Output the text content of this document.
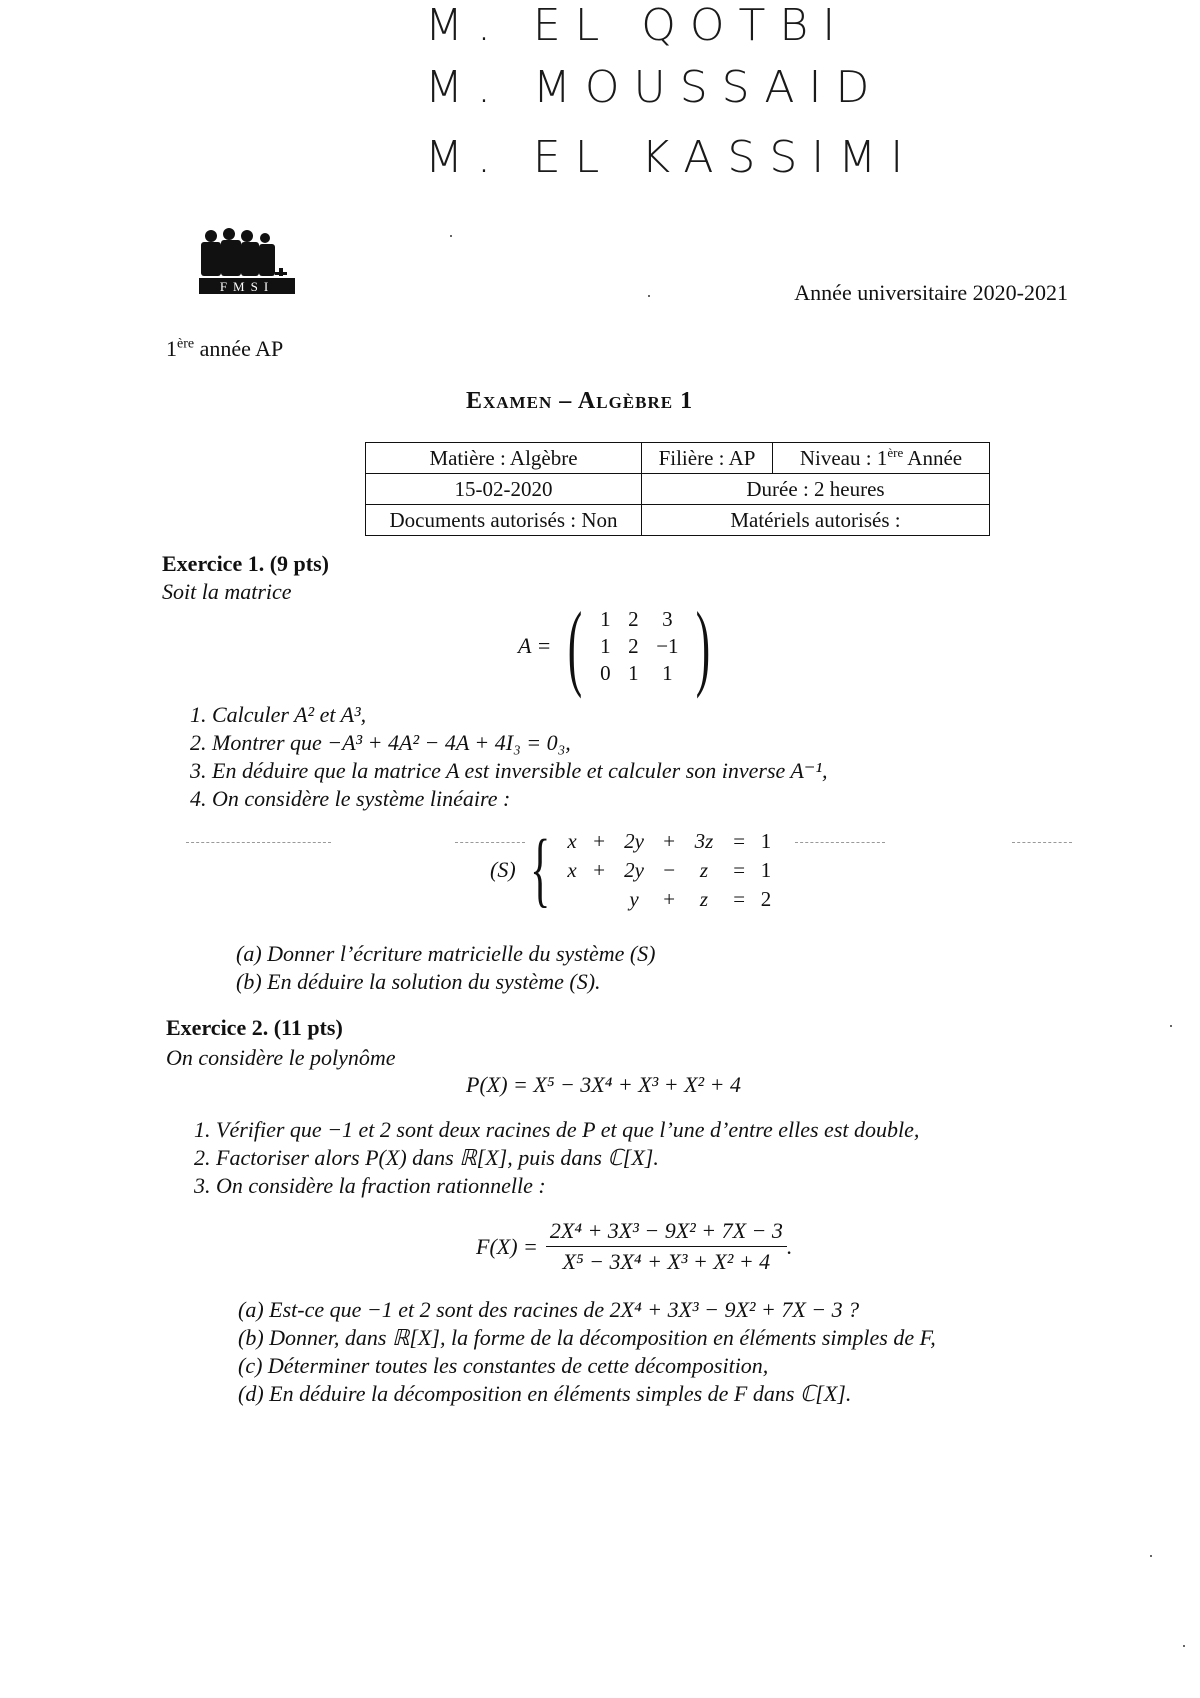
M. EL QOTBI
M. MOUSSAID
M. EL KASSIMI
FMSI	Année universitaire 2020-2021
1ère année AP
Examen – Algèbre 1
Matière : Algèbre	Filière : AP	Niveau : 1ère Année
15-02-2020	Durée : 2 heures	
Documents autorisés : Non	Matériels autorisés :	
Exercice 1. (9 pts)
Soit la matrice
A = ( 1 2	3
1 2 −1
0 1	1 )
1. Calculer A² et A³,
2. Montrer que −A³ + 4A² − 4A + 4I₃ = 0₃,
3. En déduire que la matrice A est inversible et calculer son inverse A⁻¹,
4. On considère le système linéaire :
(S) { x + 2y + 3z = 1
x + 2y −	z	= 1
y	+	z	= 2
(a) Donner l’écriture matricielle du système (S)
(b) En déduire la solution du système (S).
Exercice 2. (11 pts)
On considère le polynôme
P(X) = X⁵ − 3X⁴ + X³ + X² + 4
1. Vérifier que −1 et 2 sont deux racines de P et que l’une d’entre elles est double,
2. Factoriser alors P(X) dans ℝ[X], puis dans ℂ[X].
3. On considère la fraction rationnelle :
$F(X) = \frac{\text{2X⁴ + 3X³ − 9X² + 7X − 3}}{\text{X⁵ − 3X⁴ + X³ + X² + 4}}$ .
(a) Est-ce que −1 et 2 sont des racines de 2X⁴ + 3X³ − 9X² + 7X − 3 ?
(b) Donner, dans ℝ[X], la forme de la décomposition en éléments simples de F,
(c) Déterminer toutes les constantes de cette décomposition,
(d) En déduire la décomposition en éléments simples de F dans ℂ[X].
